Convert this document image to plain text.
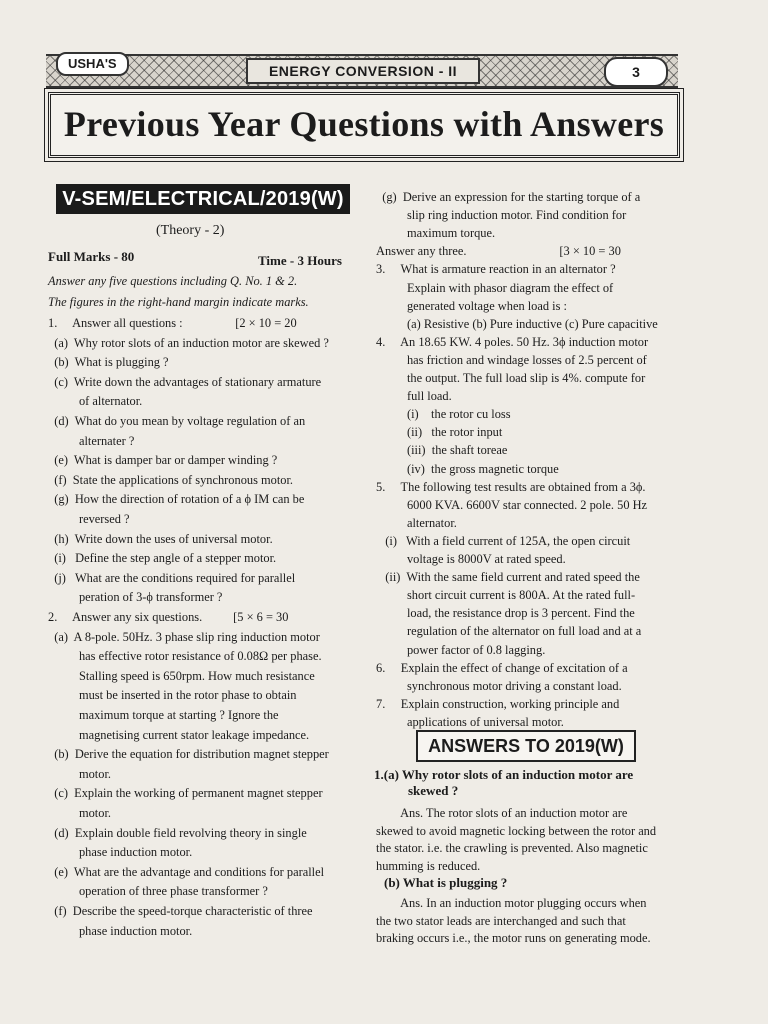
USHA'S	ENERGY CONVERSION - II	3
Previous Year Questions with Answers
V-SEM/ELECTRICAL/2019(W)
(Theory - 2)
Full Marks - 80	Time - 3 Hours
Answer any five questions including Q. No. 1 & 2.
The figures in the right-hand margin indicate marks.
1.     Answer all questions :                 [2 × 10 = 20
(a)  Why rotor slots of an induction motor are skewed ?
(b)  What is plugging ?
(c)  Write down the advantages of stationary armature
of alternator.
(d)  What do you mean by voltage regulation of an
alternater ?
(e)  What is damper bar or damper winding ?
(f)  State the applications of synchronous motor.
(g)  How the direction of rotation of a ϕ IM can be
reversed ?
(h)  Write down the uses of universal motor.
(i)   Define the step angle of a stepper motor.
(j)   What are the conditions required for parallel
peration of 3-ϕ transformer ?
2.     Answer any six questions.          [5 × 6 = 30
(a)  A 8-pole. 50Hz. 3 phase slip ring induction motor
has effective rotor resistance of 0.08Ω per phase.
Stalling speed is 650rpm. How much resistance
must be inserted in the rotor phase to obtain
maximum torque at starting ? Ignore the
magnetising current stator leakage impedance.
(b)  Derive the equation for distribution magnet stepper
motor.
(c)  Explain the working of permanent magnet stepper
motor.
(d)  Explain double field revolving theory in single
phase induction motor.
(e)  What are the advantage and conditions for parallel
operation of three phase transformer ?
(f)  Describe the speed-torque characteristic of three
phase induction motor.
(g)  Derive an expression for the starting torque of a
slip ring induction motor. Find condition for
maximum torque.
Answer any three.                              [3 × 10 = 30
3.     What is armature reaction in an alternator ?
Explain with phasor diagram the effect of
generated voltage when load is :
(a) Resistive (b) Pure inductive (c) Pure capacitive
4.     An 18.65 KW. 4 poles. 50 Hz. 3ϕ induction motor
has friction and windage losses of 2.5 percent of
the output. The full load slip is 4%. compute for
full load.
(i)    the rotor cu loss
(ii)   the rotor input
(iii)  the shaft toreae
(iv)  the gross magnetic torque
5.     The following test results are obtained from a 3ϕ.
6000 KVA. 6600V star connected. 2 pole. 50 Hz
alternator.
(i)   With a field current of 125A, the open circuit
voltage is 8000V at rated speed.
(ii)  With the same field current and rated speed the
short circuit current is 800A. At the rated full-
load, the resistance drop is 3 percent. Find the
regulation of the alternator on full load and at a
power factor of 0.8 lagging.
6.     Explain the effect of change of excitation of a
synchronous motor driving a constant load.
7.     Explain construction, working principle and
applications of universal motor.
ANSWERS TO 2019(W)
1.(a) Why rotor slots of an induction motor are
skewed ?
Ans. The rotor slots of an induction motor are
skewed to avoid magnetic locking between the rotor and
the stator. i.e. the crawling is prevented. Also magnetic
humming is reduced.
(b) What is plugging ?
Ans. In an induction motor plugging occurs when
the two stator leads are interchanged and such that
braking occurs i.e., the motor runs on generating mode.
